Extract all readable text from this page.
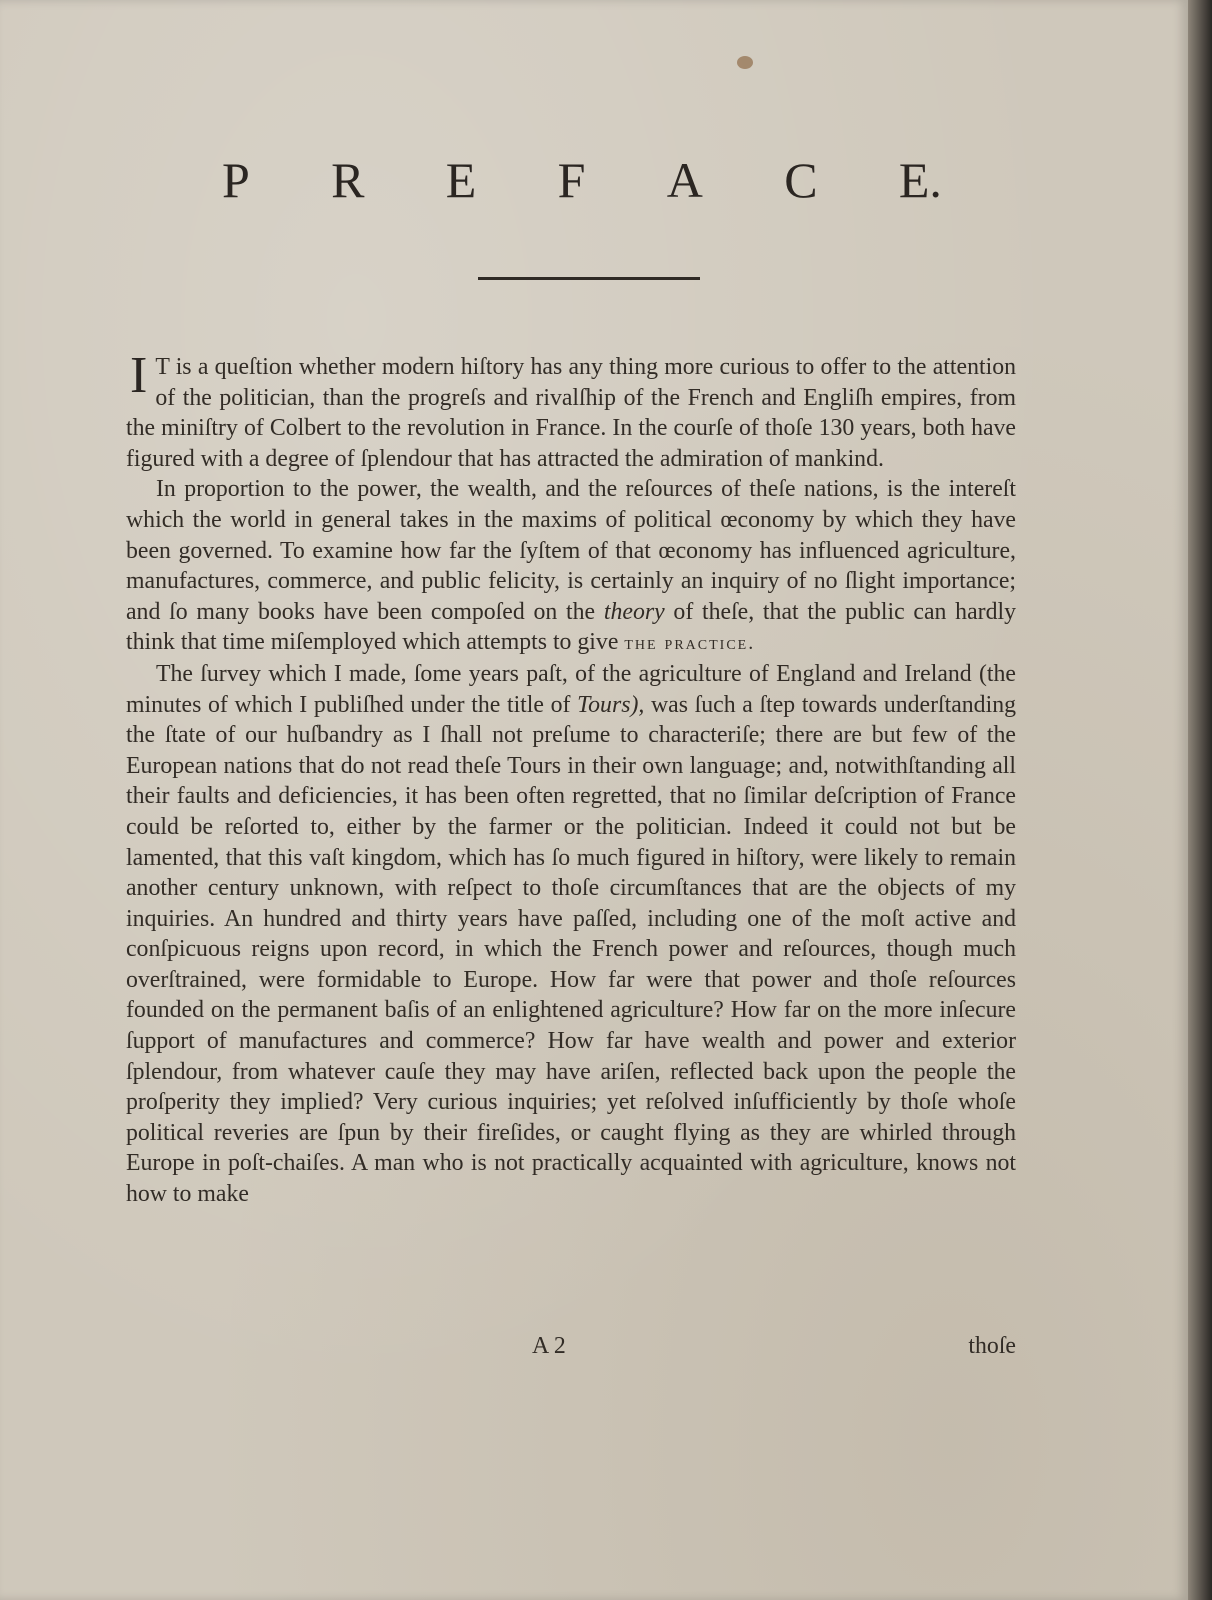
P R E F A C E.

I T is a queſtion whether modern hiſtory has any thing more curious to offer to the attention of the politician, than the progreſs and rivalſhip of the French and Engliſh empires, from the miniſtry of Colbert to the revolution in France. In the courſe of thoſe 130 years, both have figured with a degree of ſplendour that has attracted the admiration of mankind.

In proportion to the power, the wealth, and the reſources of theſe nations, is the intereſt which the world in general takes in the maxims of political œconomy by which they have been governed. To examine how far the ſyſtem of that œconomy has influenced agriculture, manufactures, commerce, and public felicity, is certainly an inquiry of no ſlight importance; and ſo many books have been compoſed on the theory of theſe, that the public can hardly think that time miſemployed which attempts to give the practice.

The ſurvey which I made, ſome years paſt, of the agriculture of England and Ireland (the minutes of which I publiſhed under the title of Tours), was ſuch a ſtep towards underſtanding the ſtate of our huſbandry as I ſhall not preſume to characteriſe; there are but few of the European nations that do not read theſe Tours in their own language; and, notwithſtanding all their faults and deficiencies, it has been often regretted, that no ſimilar deſcription of France could be reſorted to, either by the farmer or the politician. Indeed it could not but be lamented, that this vaſt kingdom, which has ſo much figured in hiſtory, were likely to remain another century unknown, with reſpect to thoſe circumſtances that are the objects of my inquiries. An hundred and thirty years have paſſed, including one of the moſt active and conſpicuous reigns upon record, in which the French power and reſources, though much overſtrained, were formidable to Europe. How far were that power and thoſe reſources founded on the permanent baſis of an enlightened agriculture? How far on the more inſecure ſupport of manufactures and commerce? How far have wealth and power and exterior ſplendour, from whatever cauſe they may have ariſen, reflected back upon the people the proſperity they implied? Very curious inquiries; yet reſolved inſufficiently by thoſe whoſe political reveries are ſpun by their fireſides, or caught flying as they are whirled through Europe in poſt-chaiſes. A man who is not practically acquainted with agriculture, knows not how to make

A 2	thoſe
